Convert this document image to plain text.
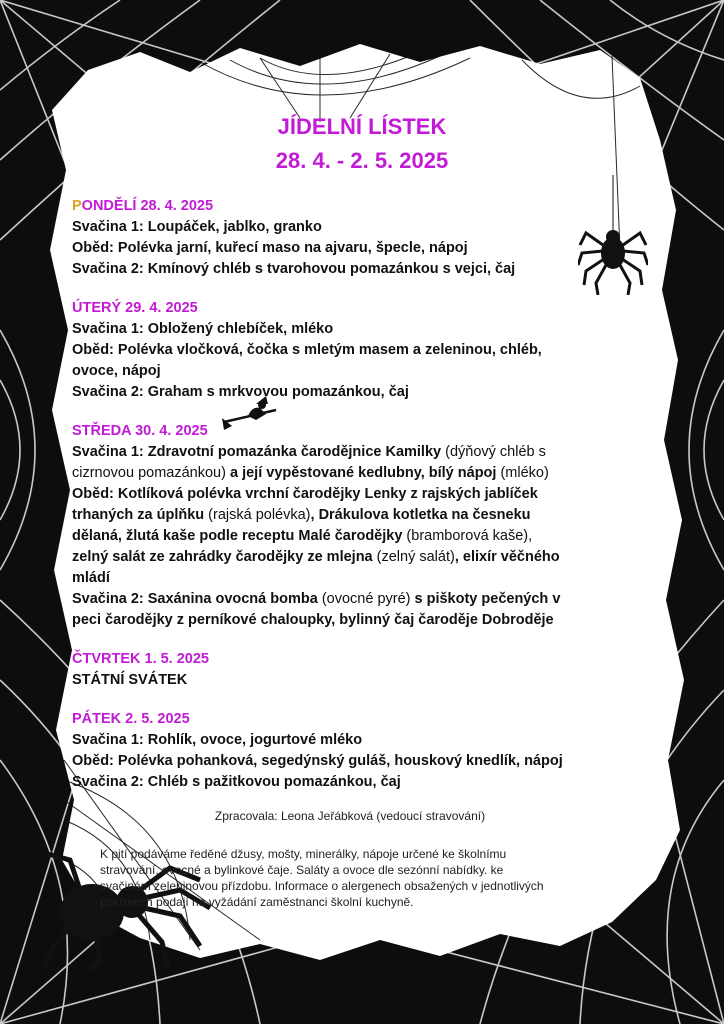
JÍDELNÍ LÍSTEK
28. 4. - 2. 5. 2025
PONDĚLÍ 28. 4. 2025
Svačina 1: Loupáček, jablko, granko
Oběd: Polévka jarní, kuřecí maso na ajvaru, špecle, nápoj
Svačina 2: Kmínový chléb s tvarohovou pomazánkou s vejci, čaj
ÚTERÝ 29. 4. 2025
Svačina 1: Obložený chlebíček, mléko
Oběd: Polévka vločková, čočka s mletým masem a zeleninou, chléb,
ovoce, nápoj
Svačina 2: Graham s mrkvovou pomazánkou, čaj
STŘEDA 30. 4. 2025
Svačina 1: Zdravotní pomazánka čarodějnice Kamilky (dýňový chléb s
cizrnovou pomazánkou) a její vypěstované kedlubny, bílý nápoj (mléko)
Oběd: Kotlíková polévka vrchní čarodějky Lenky z rajských jablíček
trhaných za úplňku (rajská polévka), Drákulova kotletka na česneku
dělaná, žlutá kaše podle receptu Malé čarodějky (bramborová kaše),
zelný salát ze zahrádky čarodějky ze mlejna (zelný salát), elixír věčného
mládí
Svačina 2: Saxánina ovocná bomba (ovocné pyré) s piškoty pečených v
peci čarodějky z perníkové chaloupky, bylinný čaj čaroděje Dobroděje
ČTVRTEK 1. 5. 2025
STÁTNÍ SVÁTEK
PÁTEK 2. 5. 2025
Svačina 1: Rohlík, ovoce, jogurtové mléko
Oběd: Polévka pohanková, segedýnský guláš, houskový knedlík, nápoj
Svačina 2: Chléb s pažitkovou pomazánkou, čaj
Zpracovala: Leona Jeřábková (vedoucí stravování)
K pití podáváme ředěné džusy, mošty, minerálky, nápoje určené ke školnímu
stravování, ovocné a bylinkové čaje. Saláty a ovoce dle sezónní nabídky. ke
svačinám zeleninovou přízdobu. Informace o alergenech obsažených v jednotlivých
pokrmech podají na vyžádání zaměstnanci školní kuchyně.
